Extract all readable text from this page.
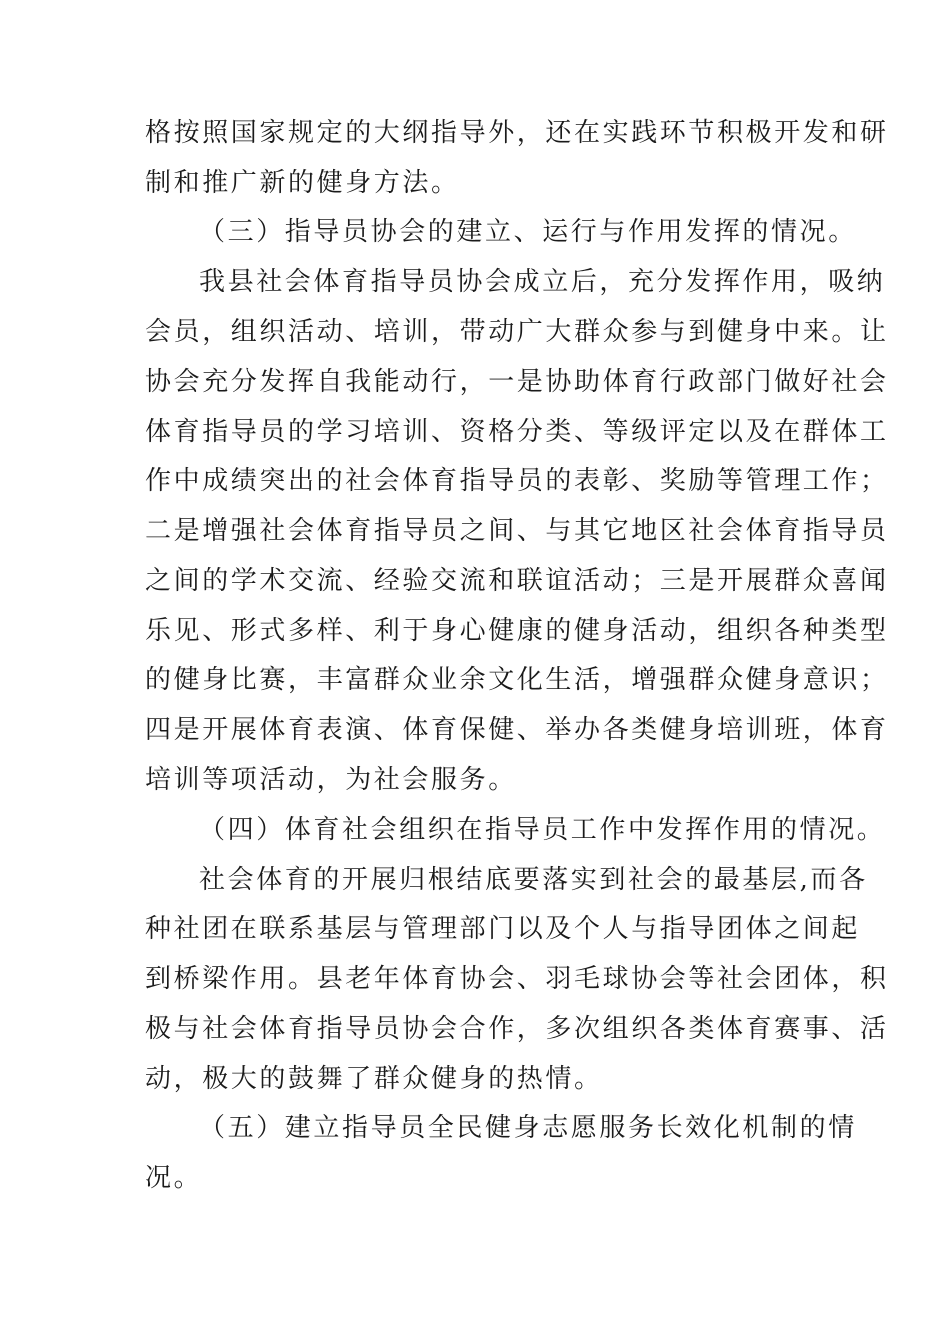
格按照国家规定的大纲指导外，还在实践环节积极开发和研

制和推广新的健身方法。

（三）指导员协会的建立、运行与作用发挥的情况。

我县社会体育指导员协会成立后，充分发挥作用，吸纳

会员，组织活动、培训，带动广大群众参与到健身中来。让

协会充分发挥自我能动行，一是协助体育行政部门做好社会

体育指导员的学习培训、资格分类、等级评定以及在群体工

作中成绩突出的社会体育指导员的表彰、奖励等管理工作；

二是增强社会体育指导员之间、与其它地区社会体育指导员

之间的学术交流、经验交流和联谊活动；三是开展群众喜闻

乐见、形式多样、利于身心健康的健身活动，组织各种类型

的健身比赛，丰富群众业余文化生活，增强群众健身意识；

四是开展体育表演、体育保健、举办各类健身培训班，体育

培训等项活动，为社会服务。

（四）体育社会组织在指导员工作中发挥作用的情况。

社会体育的开展归根结底要落实到社会的最基层,而各

种社团在联系基层与管理部门以及个人与指导团体之间起

到桥梁作用。县老年体育协会、羽毛球协会等社会团体，积

极与社会体育指导员协会合作，多次组织各类体育赛事、活

动，极大的鼓舞了群众健身的热情。

（五）建立指导员全民健身志愿服务长效化机制的情

况。
